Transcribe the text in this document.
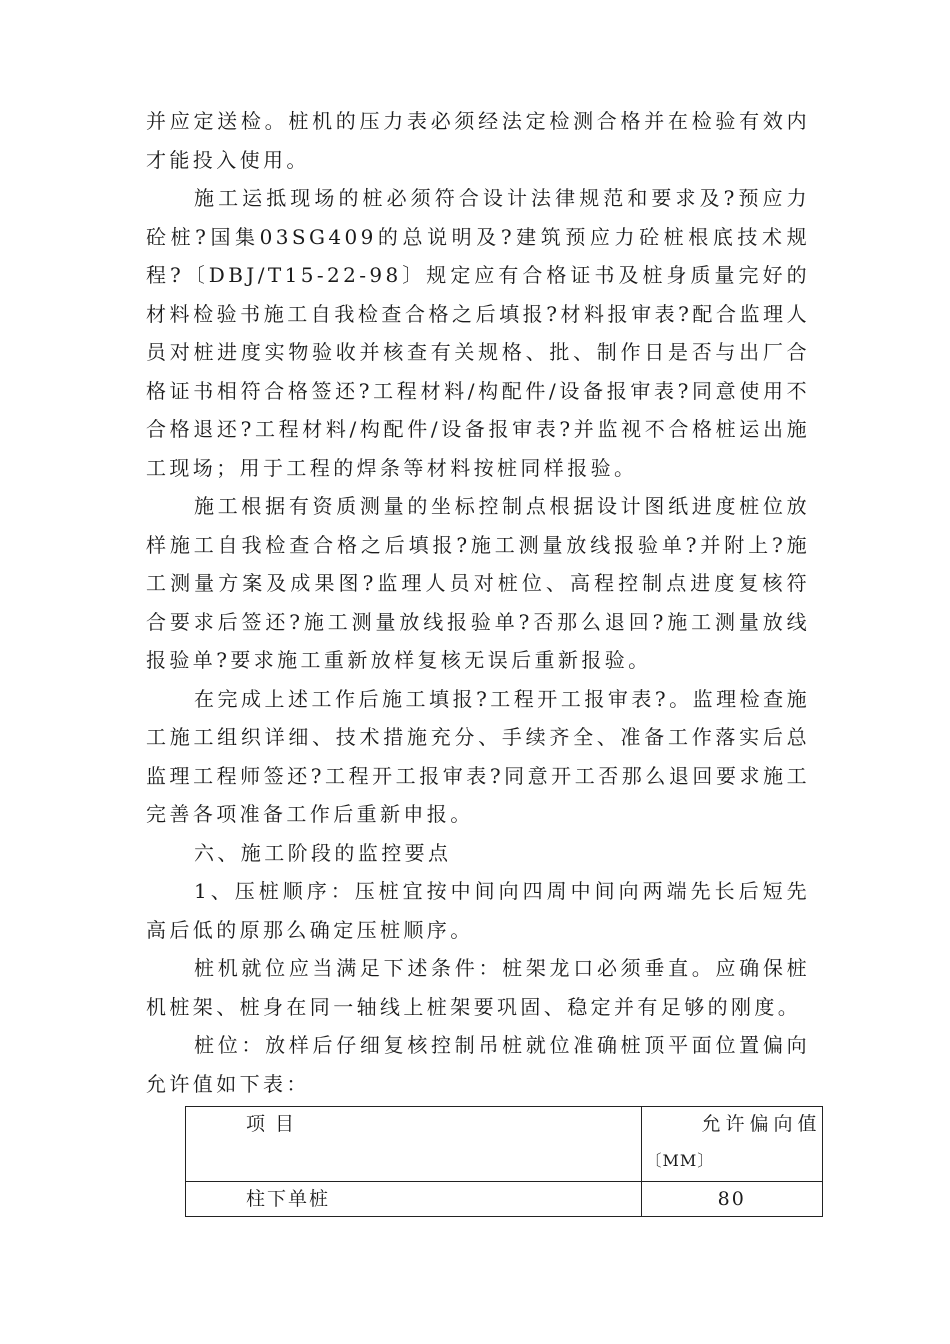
并应定送检。桩机的压力表必须经法定检测合格并在检验有效内才能投入使用。

施工运抵现场的桩必须符合设计法律规范和要求及?预应力砼桩?国集03SG409的总说明及?建筑预应力砼桩根底技术规程?〔DBJ/T15-22-98〕规定应有合格证书及桩身质量完好的材料检验书施工自我检查合格之后填报?材料报审表?配合监理人员对桩进度实物验收并核查有关规格、批、制作日是否与出厂合格证书相符合格签还?工程材料/构配件/设备报审表?同意使用不合格退还?工程材料/构配件/设备报审表?并监视不合格桩运出施工现场；用于工程的焊条等材料按桩同样报验。

施工根据有资质测量的坐标控制点根据设计图纸进度桩位放样施工自我检查合格之后填报?施工测量放线报验单?并附上?施工测量方案及成果图?监理人员对桩位、高程控制点进度复核符合要求后签还?施工测量放线报验单?否那么退回?施工测量放线报验单?要求施工重新放样复核无误后重新报验。

在完成上述工作后施工填报?工程开工报审表?。监理检查施工施工组织详细、技术措施充分、手续齐全、准备工作落实后总监理工程师签还?工程开工报审表?同意开工否那么退回要求施工完善各项准备工作后重新申报。

六、施工阶段的监控要点

1、压桩顺序：压桩宜按中间向四周中间向两端先长后短先高后低的原那么确定压桩顺序。

桩机就位应当满足下述条件：桩架龙口必须垂直。应确保桩机桩架、桩身在同一轴线上桩架要巩固、稳定并有足够的刚度。

桩位：放样后仔细复核控制吊桩就位准确桩顶平面位置偏向允许值如下表：

项 目	允许偏向值
〔MM〕

柱下单桩	80
